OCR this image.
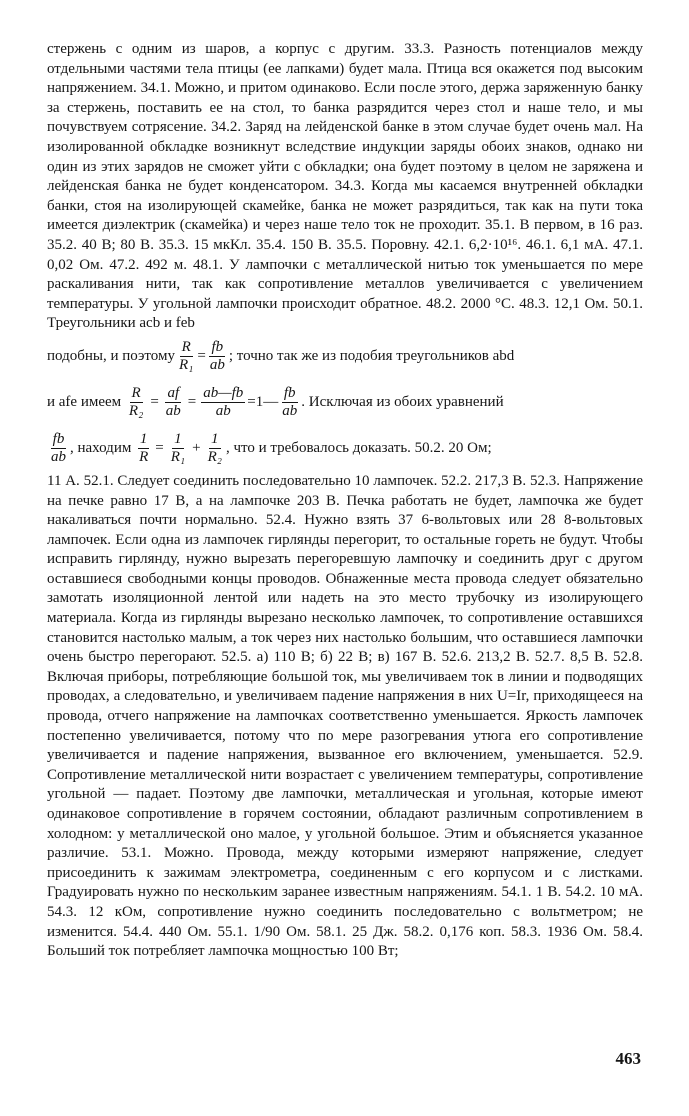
стержень с одним из шаров, а корпус с другим. 33.3. Разность потенциалов между отдельными частями тела птицы (ее лапками) будет мала. Птица вся окажется под высоким напряжением. 34.1. Можно, и притом одинаково. Если после этого, держа заряженную банку за стержень, поставить ее на стол, то банка разрядится через стол и наше тело, и мы почувствуем сотрясение. 34.2. Заряд на лейденской банке в этом случае будет очень мал. На изолированной обкладке возникнут вследствие индукции заряды обоих знаков, однако ни один из этих зарядов не сможет уйти с обкладки; она будет поэтому в целом не заряжена и лейденская банка не будет конденсатором. 34.3. Когда мы касаемся внутренней обкладки банки, стоя на изолирующей скамейке, банка не может разрядиться, так как на пути тока имеется диэлектрик (скамейка) и через наше тело ток не проходит. 35.1. В первом, в 16 раз. 35.2. 40 В; 80 В. 35.3. 15 мкКл. 35.4. 150 В. 35.5. Поровну. 42.1. 6,2·10¹⁶. 46.1. 6,1 мА. 47.1. 0,02 Ом. 47.2. 492 м. 48.1. У лампочки с металлической нитью ток уменьшается по мере раскаливания нити, так как сопротивление металлов увеличивается с увеличением температуры. У угольной лампочки происходит обратное. 48.2. 2000 °С. 48.3. 12,1 Ом. 50.1. Треугольники acb и feb

подобны, и поэтому $\frac{R}{\text{R₁}} = \frac{fb}{ab}$ ; точно так же из подобия треугольников abd
и afe имеем
$\frac{R}{\text{R₂}} = \frac{af}{ab} = \frac{ab—fb}{ab}$ =1— $\frac{fb}{ab}$ . Исключая из обоих уравнений
$\frac{fb}{ab}$ , находим
$\frac{1}{R} = \frac{1}{\text{R₁}} + \frac{1}{\text{R₂}}$ , что и требовалось доказать. 50.2. 20 Ом;

11 А. 52.1. Следует соединить последовательно 10 лампочек. 52.2. 217,3 В. 52.3. Напряжение на печке равно 17 В, а на лампочке 203 В. Печка работать не будет, лампочка же будет накаливаться почти нормально. 52.4. Нужно взять 37 6-вольтовых или 28 8-вольтовых лампочек. Если одна из лампочек гирлянды перегорит, то остальные гореть не будут. Чтобы исправить гирлянду, нужно вырезать перегоревшую лампочку и соединить друг с другом оставшиеся свободными концы проводов. Обнаженные места провода следует обязательно замотать изоляционной лентой или надеть на это место трубочку из изолирующего материала. Когда из гирлянды вырезано несколько лампочек, то сопротивление оставшихся становится настолько малым, а ток через них настолько большим, что оставшиеся лампочки очень быстро перегорают. 52.5. а) 110 В; б) 22 В; в) 167 В. 52.6. 213,2 В. 52.7. 8,5 В. 52.8. Включая приборы, потребляющие большой ток, мы увеличиваем ток в линии и подводящих проводах, а следовательно, и увеличиваем падение напряжения в них U=Ir, приходящееся на провода, отчего напряжение на лампочках соответственно уменьшается. Яркость лампочек постепенно увеличивается, потому что по мере разогревания утюга его сопротивление увеличивается и падение напряжения, вызванное его включением, уменьшается. 52.9. Сопротивление металлической нити возрастает с увеличением температуры, сопротивление угольной — падает. Поэтому две лампочки, металлическая и угольная, которые имеют одинаковое сопротивление в горячем состоянии, обладают различным сопротивлением в холодном: у металлической оно малое, у угольной большое. Этим и объясняется указанное различие. 53.1. Можно. Провода, между которыми измеряют напряжение, следует присоединить к зажимам электрометра, соединенным с его корпусом и с листками. Градуировать нужно по нескольким заранее известным напряжениям. 54.1. 1 В. 54.2. 10 мА. 54.3. 12 кОм, сопротивление нужно соединить последовательно с вольтметром; не изменится. 54.4. 440 Ом. 55.1. 1/90 Ом. 58.1. 25 Дж. 58.2. 0,176 коп. 58.3. 1936 Ом. 58.4. Больший ток потребляет лампочка мощностью 100 Вт;

463
